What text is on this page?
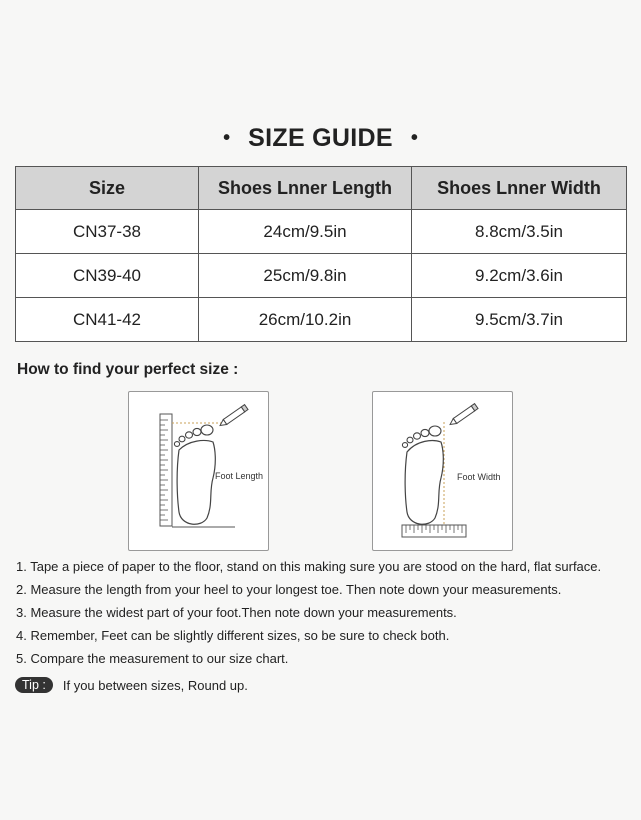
• SIZE GUIDE •
Size	Shoes Lnner Length	Shoes Lnner Width
CN37-38	24cm/9.5in	8.8cm/3.5in
CN39-40	25cm/9.8in	9.2cm/3.6in
CN41-42	26cm/10.2in	9.5cm/3.7in
How to find your perfect size :
Foot Length	Foot Width
1. Tape a piece of paper to the floor, stand on this making sure you are stood on the hard, flat surface.
2. Measure the length from your heel to your longest toe. Then note down your measurements.
3. Measure the widest part of your foot.Then note down your measurements.
4. Remember, Feet can be slightly different sizes, so be sure to check both.
5. Compare the measurement to our size chart.
Tip :	If you between sizes, Round up.
